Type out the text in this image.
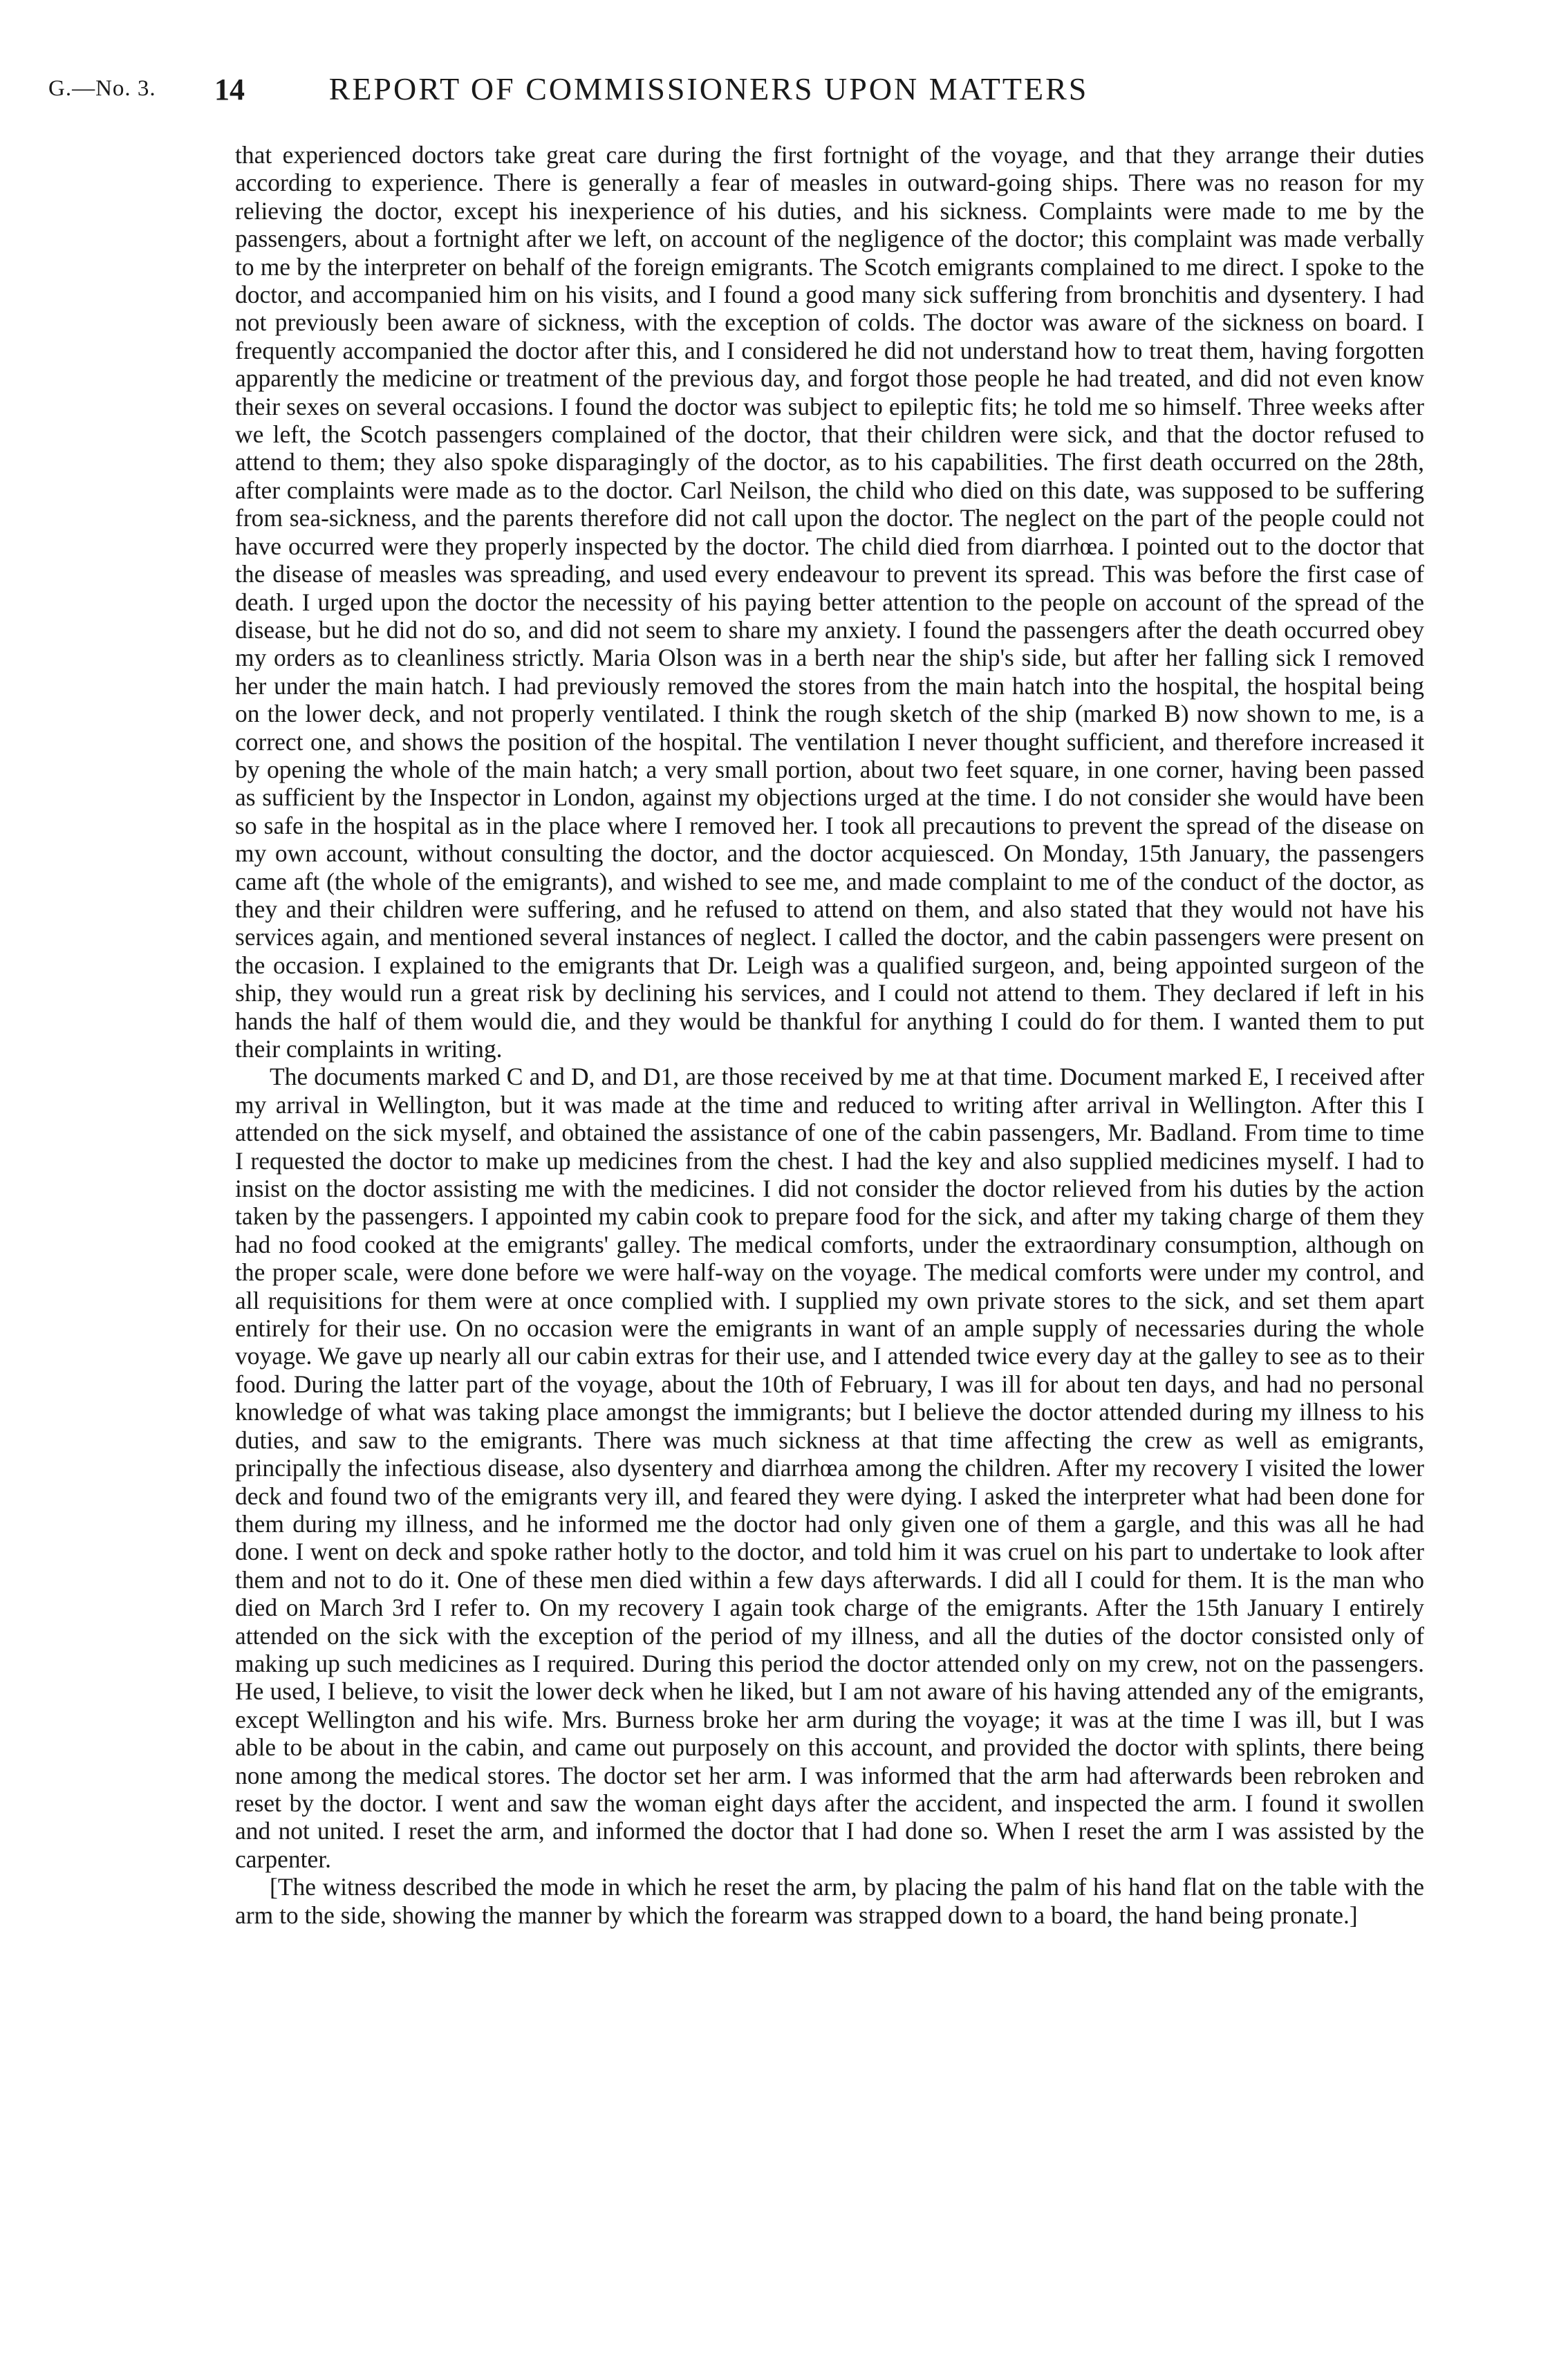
G.—No. 3. 14	REPORT OF COMMISSIONERS UPON MATTERS

that experienced doctors take great care during the first fortnight of the voyage, and that they arrange their duties according to experience. There is generally a fear of measles in outward-going ships. There was no reason for my relieving the doctor, except his inexperience of his duties, and his sickness. Complaints were made to me by the passengers, about a fortnight after we left, on account of the negligence of the doctor; this complaint was made verbally to me by the interpreter on behalf of the foreign emigrants. The Scotch emigrants complained to me direct. I spoke to the doctor, and accompanied him on his visits, and I found a good many sick suffering from bronchitis and dysentery. I had not previously been aware of sickness, with the exception of colds. The doctor was aware of the sickness on board. I frequently accompanied the doctor after this, and I considered he did not understand how to treat them, having forgotten apparently the medicine or treatment of the previous day, and forgot those people he had treated, and did not even know their sexes on several occasions. I found the doctor was subject to epileptic fits; he told me so himself. Three weeks after we left, the Scotch passengers complained of the doctor, that their children were sick, and that the doctor refused to attend to them; they also spoke disparagingly of the doctor, as to his capabilities. The first death occurred on the 28th, after complaints were made as to the doctor. Carl Neilson, the child who died on this date, was supposed to be suffering from sea-sickness, and the parents therefore did not call upon the doctor. The neglect on the part of the people could not have occurred were they properly inspected by the doctor. The child died from diarrhœa. I pointed out to the doctor that the disease of measles was spreading, and used every endeavour to prevent its spread. This was before the first case of death. I urged upon the doctor the necessity of his paying better attention to the people on account of the spread of the disease, but he did not do so, and did not seem to share my anxiety. I found the passengers after the death occurred obey my orders as to cleanliness strictly. Maria Olson was in a berth near the ship's side, but after her falling sick I removed her under the main hatch. I had previously removed the stores from the main hatch into the hospital, the hospital being on the lower deck, and not properly ventilated. I think the rough sketch of the ship (marked B) now shown to me, is a correct one, and shows the position of the hospital. The ventilation I never thought sufficient, and therefore increased it by opening the whole of the main hatch; a very small portion, about two feet square, in one corner, having been passed as sufficient by the Inspector in London, against my objections urged at the time. I do not consider she would have been so safe in the hospital as in the place where I removed her. I took all precautions to prevent the spread of the disease on my own account, without consulting the doctor, and the doctor acquiesced. On Monday, 15th January, the passengers came aft (the whole of the emigrants), and wished to see me, and made complaint to me of the conduct of the doctor, as they and their children were suffering, and he refused to attend on them, and also stated that they would not have his services again, and mentioned several instances of neglect. I called the doctor, and the cabin passengers were present on the occasion. I explained to the emigrants that Dr. Leigh was a qualified surgeon, and, being appointed surgeon of the ship, they would run a great risk by declining his services, and I could not attend to them. They declared if left in his hands the half of them would die, and they would be thankful for anything I could do for them. I wanted them to put their complaints in writing.

The documents marked C and D, and D1, are those received by me at that time. Document marked E, I received after my arrival in Wellington, but it was made at the time and reduced to writing after arrival in Wellington. After this I attended on the sick myself, and obtained the assistance of one of the cabin passengers, Mr. Badland. From time to time I requested the doctor to make up medicines from the chest. I had the key and also supplied medicines myself. I had to insist on the doctor assisting me with the medicines. I did not consider the doctor relieved from his duties by the action taken by the passengers. I appointed my cabin cook to prepare food for the sick, and after my taking charge of them they had no food cooked at the emigrants' galley. The medical comforts, under the extraordinary consumption, although on the proper scale, were done before we were half-way on the voyage. The medical comforts were under my control, and all requisitions for them were at once complied with. I supplied my own private stores to the sick, and set them apart entirely for their use. On no occasion were the emigrants in want of an ample supply of necessaries during the whole voyage. We gave up nearly all our cabin extras for their use, and I attended twice every day at the galley to see as to their food. During the latter part of the voyage, about the 10th of February, I was ill for about ten days, and had no personal knowledge of what was taking place amongst the immigrants; but I believe the doctor attended during my illness to his duties, and saw to the emigrants. There was much sickness at that time affecting the crew as well as emigrants, principally the infectious disease, also dysentery and diarrhœa among the children. After my recovery I visited the lower deck and found two of the emigrants very ill, and feared they were dying. I asked the interpreter what had been done for them during my illness, and he informed me the doctor had only given one of them a gargle, and this was all he had done. I went on deck and spoke rather hotly to the doctor, and told him it was cruel on his part to undertake to look after them and not to do it. One of these men died within a few days afterwards. I did all I could for them. It is the man who died on March 3rd I refer to. On my recovery I again took charge of the emigrants. After the 15th January I entirely attended on the sick with the exception of the period of my illness, and all the duties of the doctor consisted only of making up such medicines as I required. During this period the doctor attended only on my crew, not on the passengers. He used, I believe, to visit the lower deck when he liked, but I am not aware of his having attended any of the emigrants, except Wellington and his wife. Mrs. Burness broke her arm during the voyage; it was at the time I was ill, but I was able to be about in the cabin, and came out purposely on this account, and provided the doctor with splints, there being none among the medical stores. The doctor set her arm. I was informed that the arm had afterwards been rebroken and reset by the doctor. I went and saw the woman eight days after the accident, and inspected the arm. I found it swollen and not united. I reset the arm, and informed the doctor that I had done so. When I reset the arm I was assisted by the carpenter.

[The witness described the mode in which he reset the arm, by placing the palm of his hand flat on the table with the arm to the side, showing the manner by which the forearm was strapped down to a board, the hand being pronate.]
